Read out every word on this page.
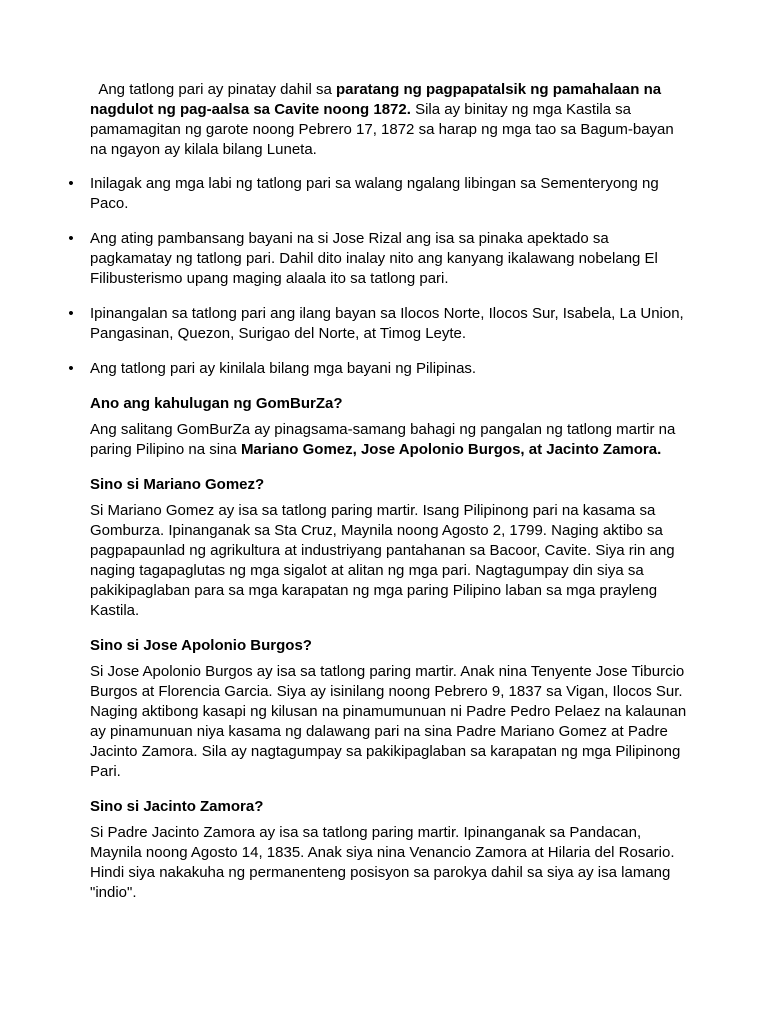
Ang tatlong pari ay pinatay dahil sa paratang ng pagpapatalsik ng pamahalaan na nagdulot ng pag-aalsa sa Cavite noong 1872. Sila ay binitay ng mga Kastila sa pamamagitan ng garote noong Pebrero 17, 1872 sa harap ng mga tao sa Bagum-bayan na ngayon ay kilala bilang Luneta.

• Inilagak ang mga labi ng tatlong pari sa walang ngalang libingan sa Sementeryong ng Paco.
• Ang ating pambansang bayani na si Jose Rizal ang isa sa pinaka apektado sa pagkamatay ng tatlong pari. Dahil dito inalay nito ang kanyang ikalawang nobelang El Filibusterismo upang maging alaala ito sa tatlong pari.
• Ipinangalan sa tatlong pari ang ilang bayan sa Ilocos Norte, Ilocos Sur, Isabela, La Union, Pangasinan, Quezon, Surigao del Norte, at Timog Leyte.
• Ang tatlong pari ay kinilala bilang mga bayani ng Pilipinas.

Ano ang kahulugan ng GomBurZa?

Ang salitang GomBurZa ay pinagsama-samang bahagi ng pangalan ng tatlong martir na paring Pilipino na sina Mariano Gomez, Jose Apolonio Burgos, at Jacinto Zamora.

Sino si Mariano Gomez?

Si Mariano Gomez ay isa sa tatlong paring martir. Isang Pilipinong pari na kasama sa Gomburza. Ipinanganak sa Sta Cruz, Maynila noong Agosto 2, 1799. Naging aktibo sa pagpapaunlad ng agrikultura at industriyang pantahanan sa Bacoor, Cavite. Siya rin ang naging tagapaglutas ng mga sigalot at alitan ng mga pari. Nagtagumpay din siya sa pakikipaglaban para sa mga karapatan ng mga paring Pilipino laban sa mga prayleng Kastila.

Sino si Jose Apolonio Burgos?

Si Jose Apolonio Burgos ay isa sa tatlong paring martir. Anak nina Tenyente Jose Tiburcio Burgos at Florencia Garcia. Siya ay isinilang noong Pebrero 9, 1837 sa Vigan, Ilocos Sur. Naging aktibong kasapi ng kilusan na pinamumunuan ni Padre Pedro Pelaez na kalaunan ay pinamunuan niya kasama ng dalawang pari na sina Padre Mariano Gomez at Padre Jacinto Zamora. Sila ay nagtagumpay sa pakikipaglaban sa karapatan ng mga Pilipinong Pari.

Sino si Jacinto Zamora?

Si Padre Jacinto Zamora ay isa sa tatlong paring martir. Ipinanganak sa Pandacan, Maynila noong Agosto 14, 1835. Anak siya nina Venancio Zamora at Hilaria del Rosario. Hindi siya nakakuha ng permanenteng posisyon sa parokya dahil sa siya ay isa lamang "indio".
